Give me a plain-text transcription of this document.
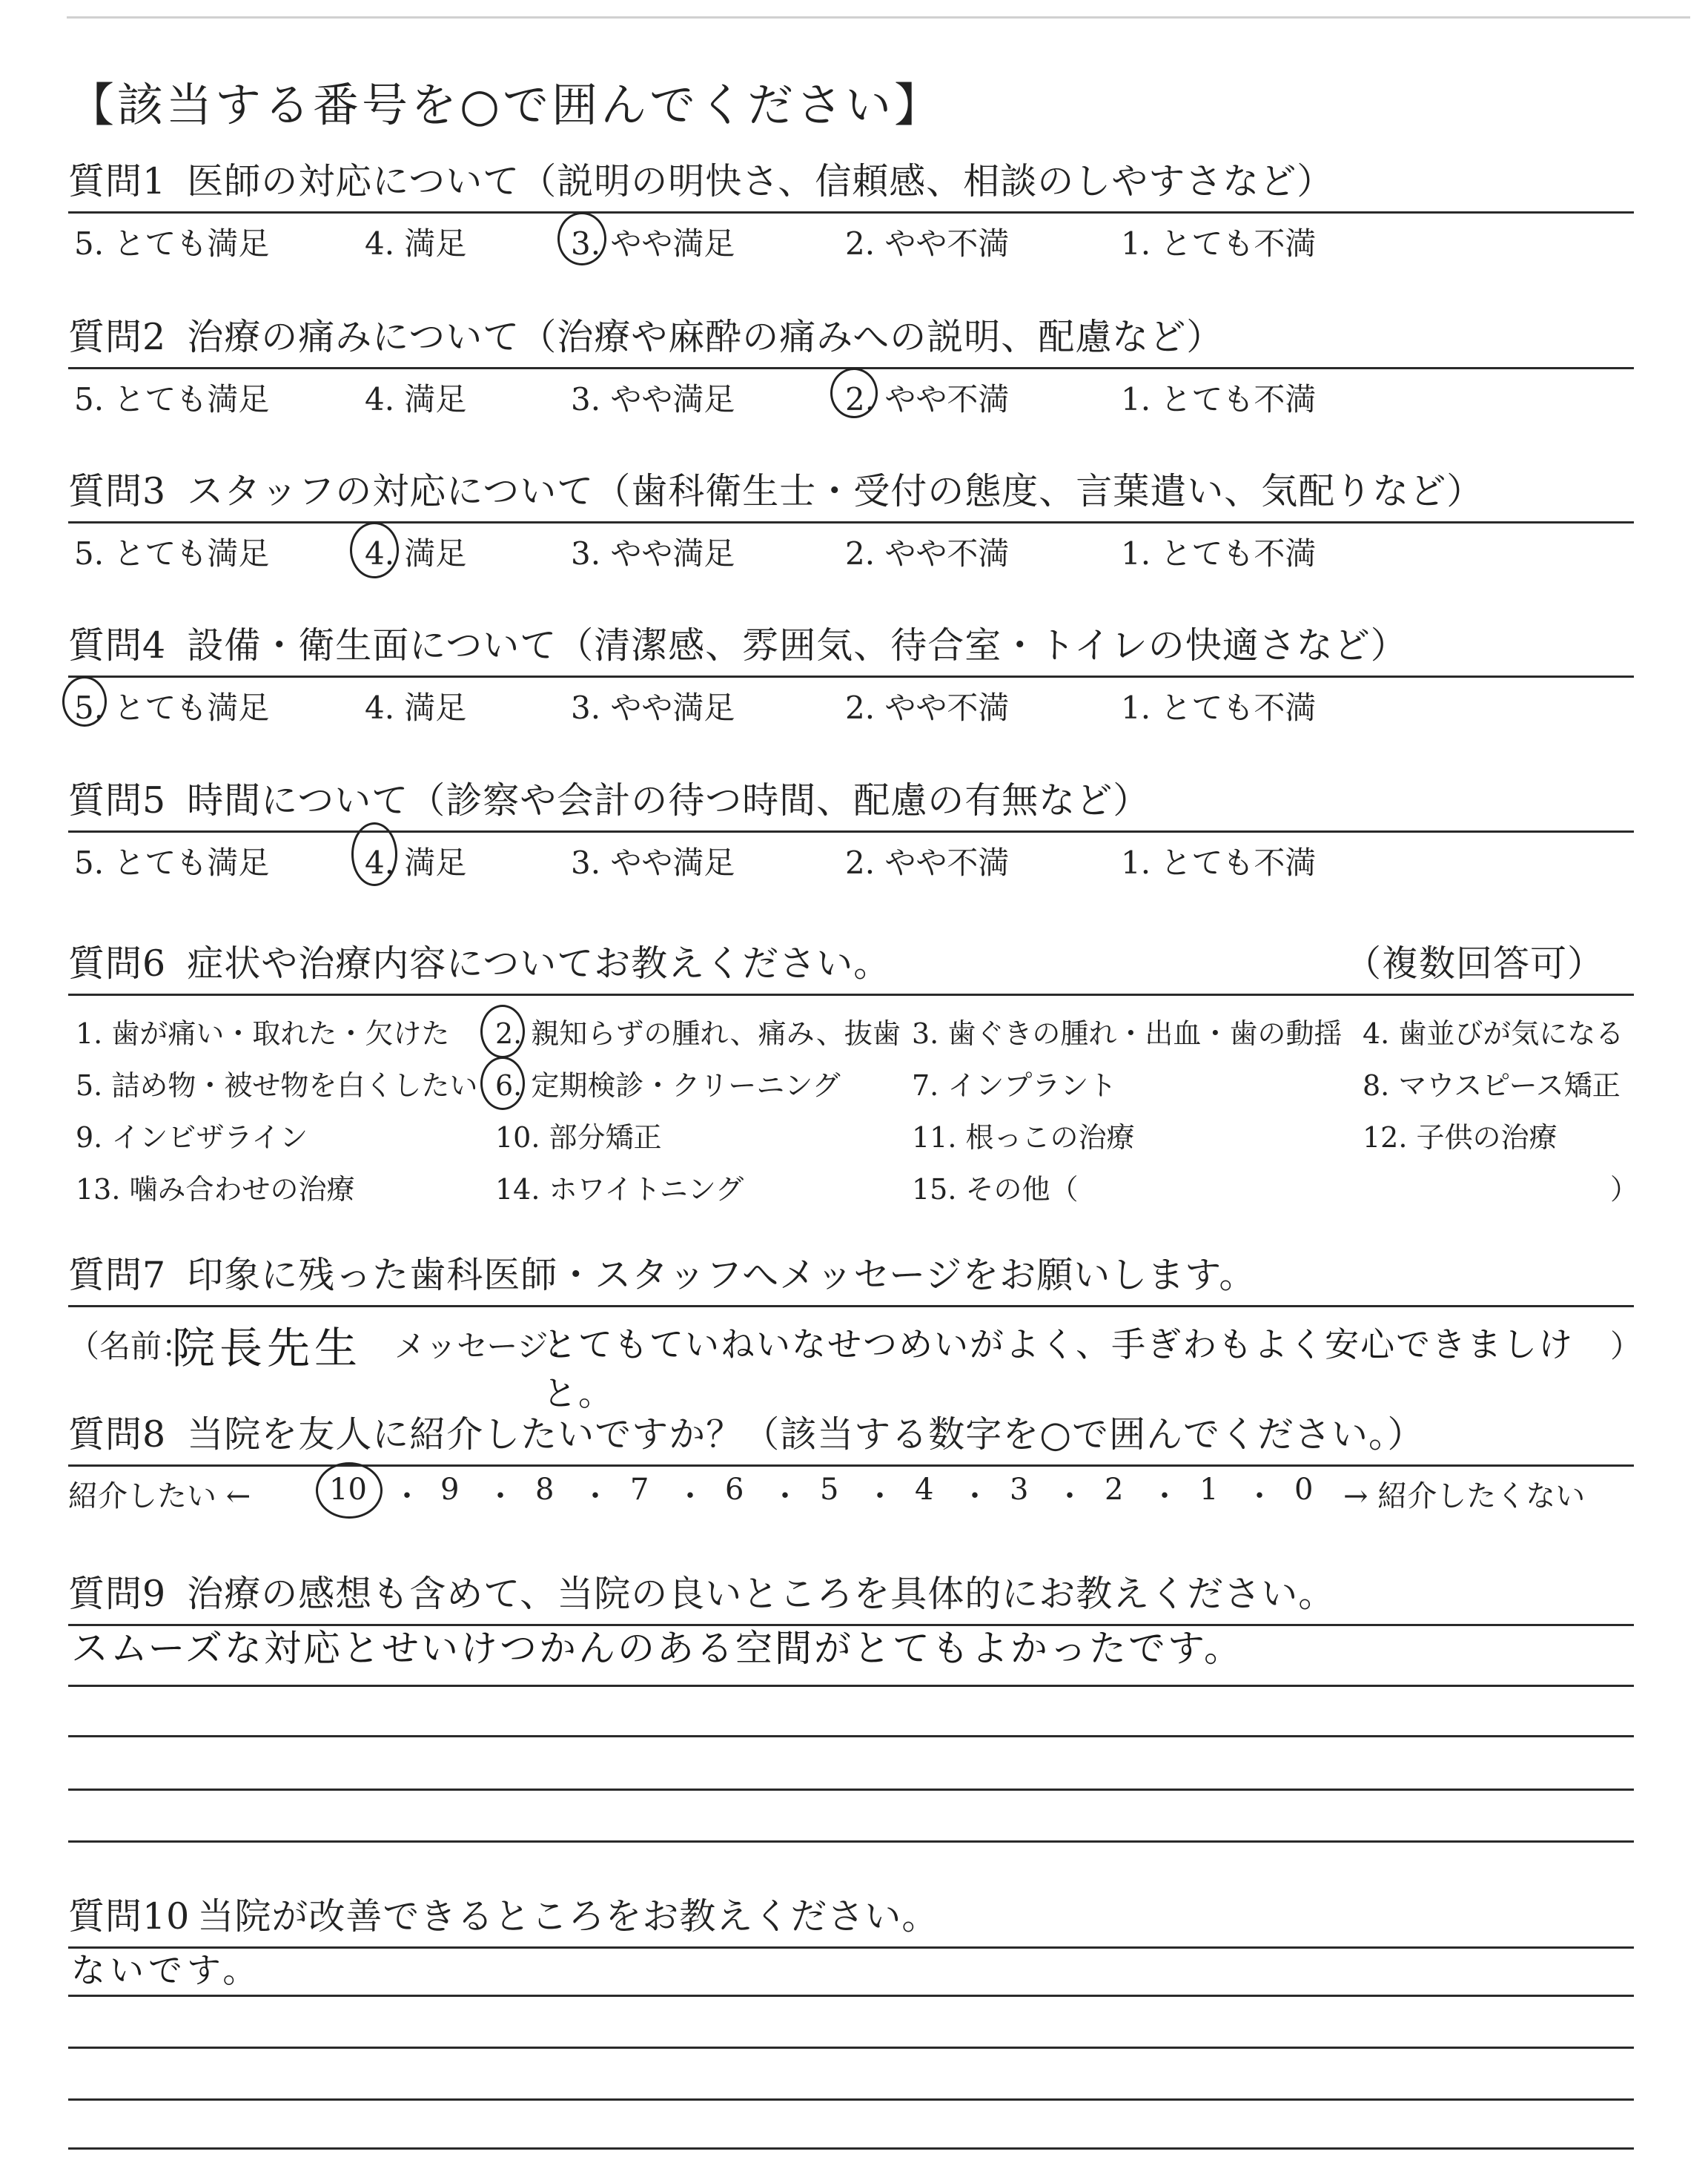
【該当する番号を○で囲んでください】
質問1 医師の対応について（説明の明快さ、信頼感、相談のしやすさなど）
5. とても満足	4. 満足	3. やや満足	2. やや不満	1. とても不満
質問2 治療の痛みについて（治療や麻酔の痛みへの説明、配慮など）
5. とても満足	4. 満足	3. やや満足	2. やや不満	1. とても不満
質問3 スタッフの対応について（歯科衛生士・受付の態度、言葉遣い、気配りなど）
5. とても満足	4. 満足	3. やや満足	2. やや不満	1. とても不満
質問4 設備・衛生面について（清潔感、雰囲気、待合室・トイレの快適さなど）
5. とても満足	4. 満足	3. やや満足	2. やや不満	1. とても不満
質問5 時間について（診察や会計の待つ時間、配慮の有無など）
5. とても満足	4. 満足	3. やや満足	2. やや不満	1. とても不満
質問6 症状や治療内容についてお教えください。	（複数回答可）
1. 歯が痛い・取れた・欠けた 2. 親知らずの腫れ、痛み、抜歯 3. 歯ぐきの腫れ・出血・歯の動揺 4. 歯並びが気になる
5. 詰め物・被せ物を白くしたい 6. 定期検診・クリーニング	7. インプラント	8. マウスピース矯正
9. インビザライン	10. 部分矯正	11. 根っこの治療	12. 子供の治療
13. 噛み合わせの治療	14. ホワイトニング	15. その他（	）
質問7 印象に残った歯科医師・スタッフへメッセージをお願いします。
（名前：
院長先生 メッセージ：
とてもていねいなせつめいがよく、手ぎわもよく安心できましけと。
）
質問8 当院を友人に紹介したいですか？（該当する数字を○で囲んでください。）
紹介したい ←	10 ・ 9 ・ 8 ・ 7 ・ 6 ・ 5 ・ 4 ・ 3 ・ 2 ・ 1 ・ 0 → 紹介したくない
質問9 治療の感想も含めて、当院の良いところを具体的にお教えください。
スムーズな対応とせいけつかんのある空間がとてもよかったです。
質問10 当院が改善できるところをお教えください。
ないです。
